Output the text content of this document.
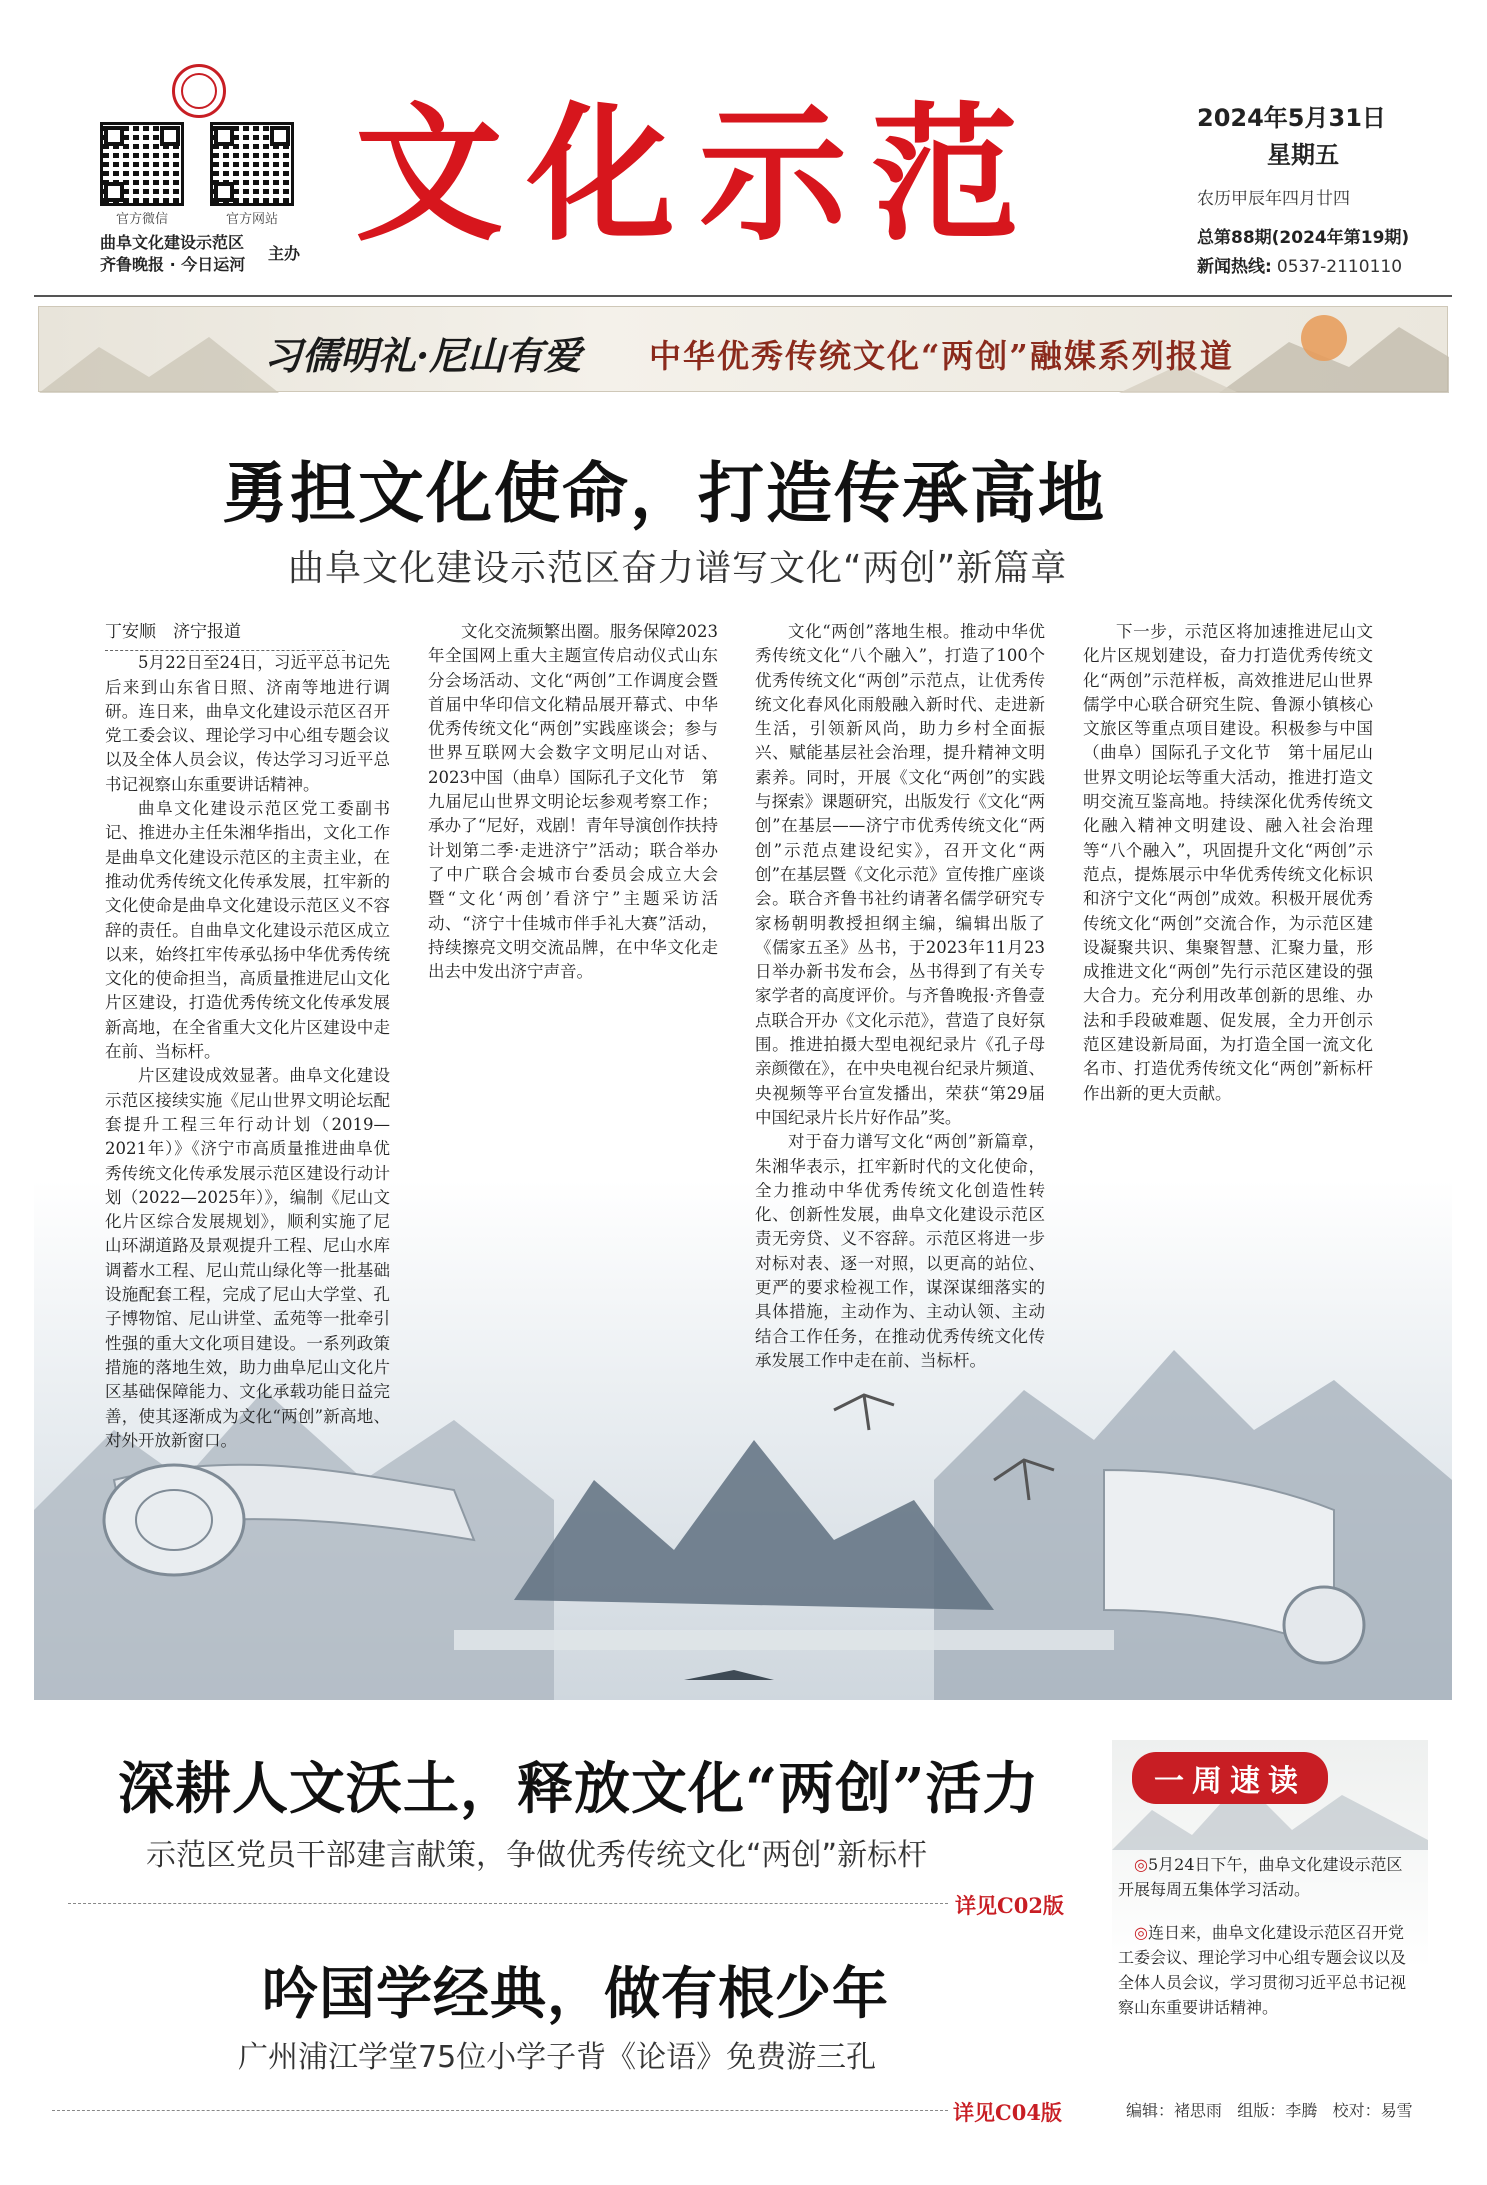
官方微信	官方网站
曲阜文化建设示范区
齐鲁晚报 · 今日运河
主办 文化示范	2024年5月31日
星期五
农历甲辰年四月廿四
总第88期(2024年第19期)
新闻热线: 0537-2110110
习儒明礼·尼山有爱 中华优秀传统文化“两创”融媒系列报道
勇担文化使命，打造传承高地
曲阜文化建设示范区奋力谱写文化“两创”新篇章

丁安顺　济宁报道

5月22日至24日，习近平总书记先后来到山东省日照、济南等地进行调研。连日来，曲阜文化建设示范区召开党工委会议、理论学习中心组专题会议以及全体人员会议，传达学习习近平总书记视察山东重要讲话精神。

曲阜文化建设示范区党工委副书记、推进办主任朱湘华指出，文化工作是曲阜文化建设示范区的主责主业，在推动优秀传统文化传承发展，扛牢新的文化使命是曲阜文化建设示范区义不容辞的责任。自曲阜文化建设示范区成立以来，始终扛牢传承弘扬中华优秀传统文化的使命担当，高质量推进尼山文化片区建设，打造优秀传统文化传承发展新高地，在全省重大文化片区建设中走在前、当标杆。

片区建设成效显著。曲阜文化建设示范区接续实施《尼山世界文明论坛配套提升工程三年行动计划（2019—2021年）》《济宁市高质量推进曲阜优秀传统文化传承发展示范区建设行动计划（2022—2025年）》，编制《尼山文化片区综合发展规划》，顺利实施了尼山环湖道路及景观提升工程、尼山水库调蓄水工程、尼山荒山绿化等一批基础设施配套工程，完成了尼山大学堂、孔子博物馆、尼山讲堂、孟苑等一批牵引性强的重大文化项目建设。一系列政策措施的落地生效，助力曲阜尼山文化片区基础保障能力、文化承载功能日益完善，使其逐渐成为文化“两创”新高地、对外开放新窗口。

文化交流频繁出圈。服务保障2023年全国网上重大主题宣传启动仪式山东分会场活动、文化“两创”工作调度会暨首届中华印信文化精品展开幕式、中华优秀传统文化“两创”实践座谈会；参与世界互联网大会数字文明尼山对话、2023中国（曲阜）国际孔子文化节　第九届尼山世界文明论坛参观考察工作；承办了“尼好，戏剧！青年导演创作扶持计划第二季·走进济宁”活动；联合举办了中广联合会城市台委员会成立大会暨“文化‘两创’看济宁”主题采访活动、“济宁十佳城市伴手礼大赛”活动，持续擦亮文明交流品牌，在中华文化走出去中发出济宁声音。

文化“两创”落地生根。推动中华优秀传统文化“八个融入”，打造了100个优秀传统文化“两创”示范点，让优秀传统文化春风化雨般融入新时代、走进新生活，引领新风尚，助力乡村全面振兴、赋能基层社会治理，提升精神文明素养。同时，开展《文化“两创”的实践与探索》课题研究，出版发行《文化“两创”在基层——济宁市优秀传统文化“两创”示范点建设纪实》，召开文化“两创”在基层暨《文化示范》宣传推广座谈会。联合齐鲁书社约请著名儒学研究专家杨朝明教授担纲主编，编辑出版了《儒家五圣》丛书，于2023年11月23日举办新书发布会，丛书得到了有关专家学者的高度评价。与齐鲁晚报·齐鲁壹点联合开办《文化示范》，营造了良好氛围。推进拍摄大型电视纪录片《孔子母亲颜徵在》，在中央电视台纪录片频道、央视频等平台宣发播出，荣获“第29届中国纪录片长片好作品”奖。

对于奋力谱写文化“两创”新篇章，朱湘华表示，扛牢新时代的文化使命，全力推动中华优秀传统文化创造性转化、创新性发展，曲阜文化建设示范区责无旁贷、义不容辞。示范区将进一步对标对表、逐一对照，以更高的站位、更严的要求检视工作，谋深谋细落实的具体措施，主动作为、主动认领、主动结合工作任务，在推动优秀传统文化传承发展工作中走在前、当标杆。

下一步，示范区将加速推进尼山文化片区规划建设，奋力打造优秀传统文化“两创”示范样板，高效推进尼山世界儒学中心联合研究生院、鲁源小镇核心文旅区等重点项目建设。积极参与中国（曲阜）国际孔子文化节　第十届尼山世界文明论坛等重大活动，推进打造文明交流互鉴高地。持续深化优秀传统文化融入精神文明建设、融入社会治理等“八个融入”，巩固提升文化“两创”示范点，提炼展示中华优秀传统文化标识和济宁文化“两创”成效。积极开展优秀传统文化“两创”交流合作，为示范区建设凝聚共识、集聚智慧、汇聚力量，形成推进文化“两创”先行示范区建设的强大合力。充分利用改革创新的思维、办法和手段破难题、促发展，全力开创示范区建设新局面，为打造全国一流文化名市、打造优秀传统文化“两创”新标杆作出新的更大贡献。

深耕人文沃土，释放文化“两创”活力
示范区党员干部建言献策，争做优秀传统文化“两创”新标杆
详见C02版
吟国学经典，做有根少年
广州浦江学堂75位小学子背《论语》免费游三孔
详见C04版
一周速读

◎5月24日下午，曲阜文化建设示范区开展每周五集体学习活动。

◎连日来，曲阜文化建设示范区召开党工委会议、理论学习中心组专题会议以及全体人员会议，学习贯彻习近平总书记视察山东重要讲话精神。

编辑：褚思雨 组版：李腾 校对：易雪
